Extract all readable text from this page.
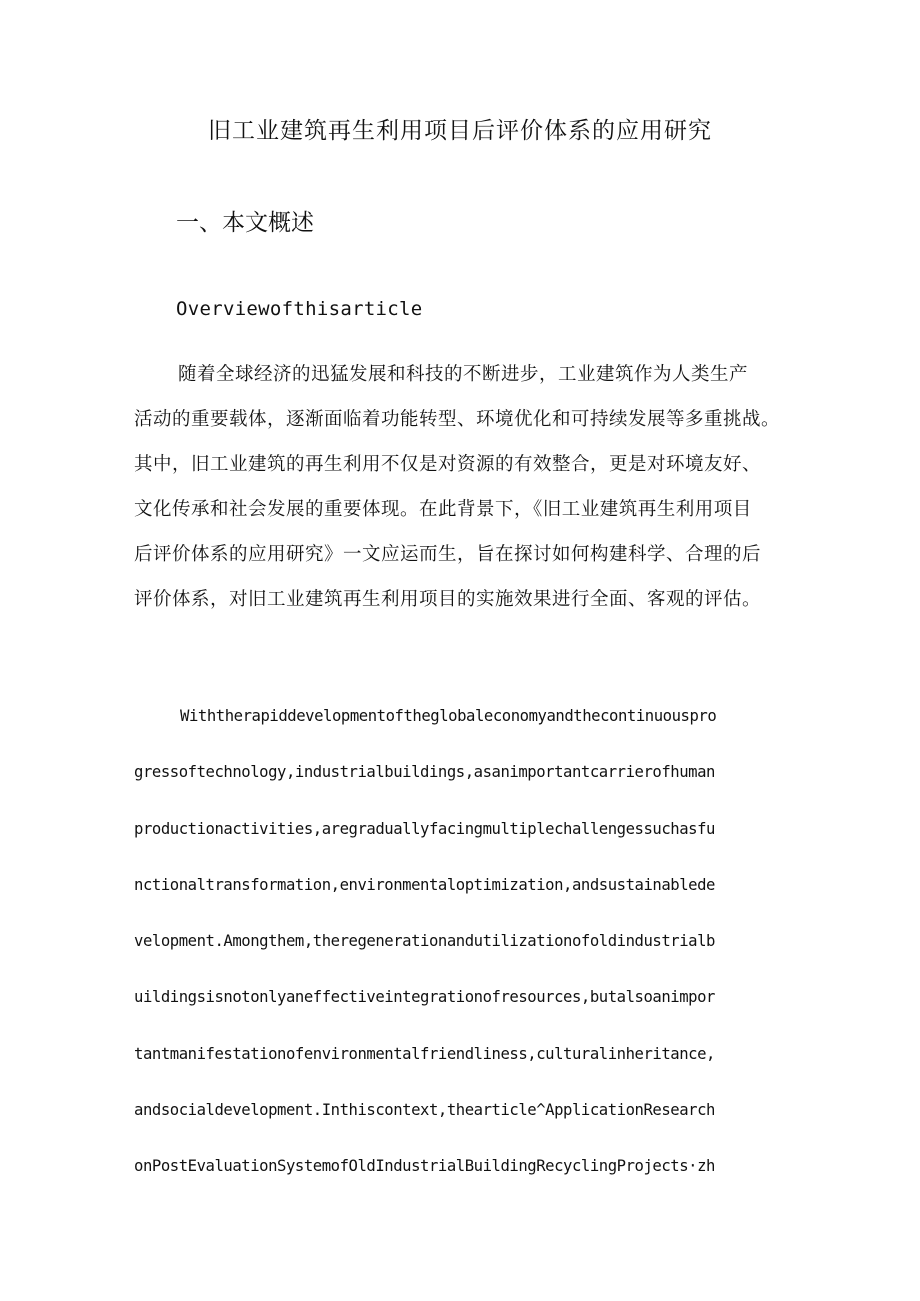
旧工业建筑再生利用项目后评价体系的应用研究
一、本文概述
Overviewofthisarticle
随着全球经济的迅猛发展和科技的不断进步，工业建筑作为人类生产
活动的重要载体，逐渐面临着功能转型、环境优化和可持续发展等多重挑战。
其中，旧工业建筑的再生利用不仅是对资源的有效整合，更是对环境友好、
文化传承和社会发展的重要体现。在此背景下，《旧工业建筑再生利用项目
后评价体系的应用研究》一文应运而生，旨在探讨如何构建科学、合理的后
评价体系，对旧工业建筑再生利用项目的实施效果进行全面、客观的评估。
Withtherapiddevelopmentoftheglobaleconomyandthecontinuouspro
gressoftechnology,industrialbuildings,asanimportantcarrierofhuman
productionactivities,aregraduallyfacingmultiplechallengessuchasfu
nctionaltransformation,environmentaloptimization,andsustainablede
velopment.Amongthem,theregenerationandutilizationofoldindustrialb
uildingsisnotonlyaneffectiveintegrationofresources,butalsoanimpor
tantmanifestationofenvironmentalfriendliness,culturalinheritance,
andsocialdevelopment.Inthiscontext,thearticle^ApplicationResearch
onPostEvaluationSystemofOldIndustrialBuildingRecyclingProjects·zh
